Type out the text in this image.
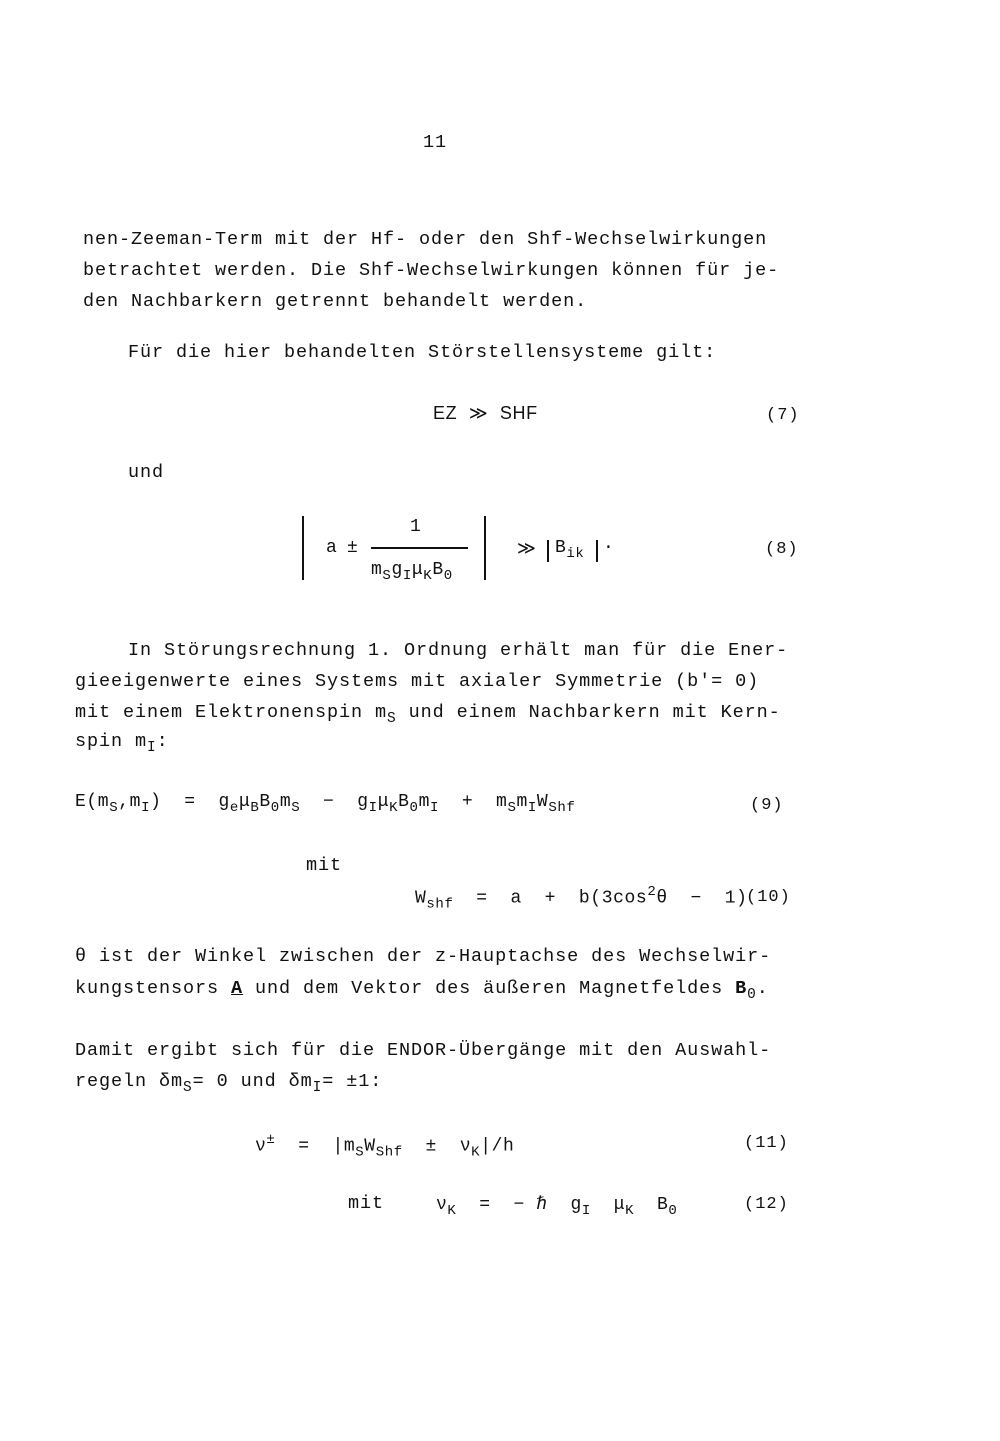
11
nen-Zeeman-Term mit der Hf- oder den Shf-Wechselwirkungen
betrachtet werden. Die Shf-Wechselwirkungen können für je-
den Nachbarkern getrennt behandelt werden.
Für die hier behandelten Störstellensysteme gilt:
EZ ≫ SHF	(7)
und
a ±
1
$m_Sg_I\mu_KB_0$
≫ $B_{ik}$ ·	(8)
In Störungsrechnung 1. Ordnung erhält man für die Ener-
gieeigenwerte eines Systems mit axialer Symmetrie (b'= 0)
mit einem Elektronenspin $m_S$ und einem Nachbarkern mit Kern-
spin $m_I$:
$E(m_S,m_I) = g_e\mu_BB_0m_S - g_I\mu_KB_0m_I + m_Sm_IW_{Shf}$	(9)
mit
$W_{shf} = a + b(3\cos^2\theta - 1)$
(10)
θ ist der Winkel zwischen der z-Hauptachse des Wechselwir-
kungstensors A und dem Vektor des äußeren Magnetfeldes $B_0$.
Damit ergibt sich für die ENDOR-Übergänge mit den Auswahl-
regeln $\delta m_S= 0$ und $\delta m_I= \pm 1$:
$\nu^\pm = |m_SW_{Shf} \pm \nu_K|/h$	(11)
mit	$\nu_K$  =  − ℏ  $g_I$  $\mu_K$  $B_0$	(12)
